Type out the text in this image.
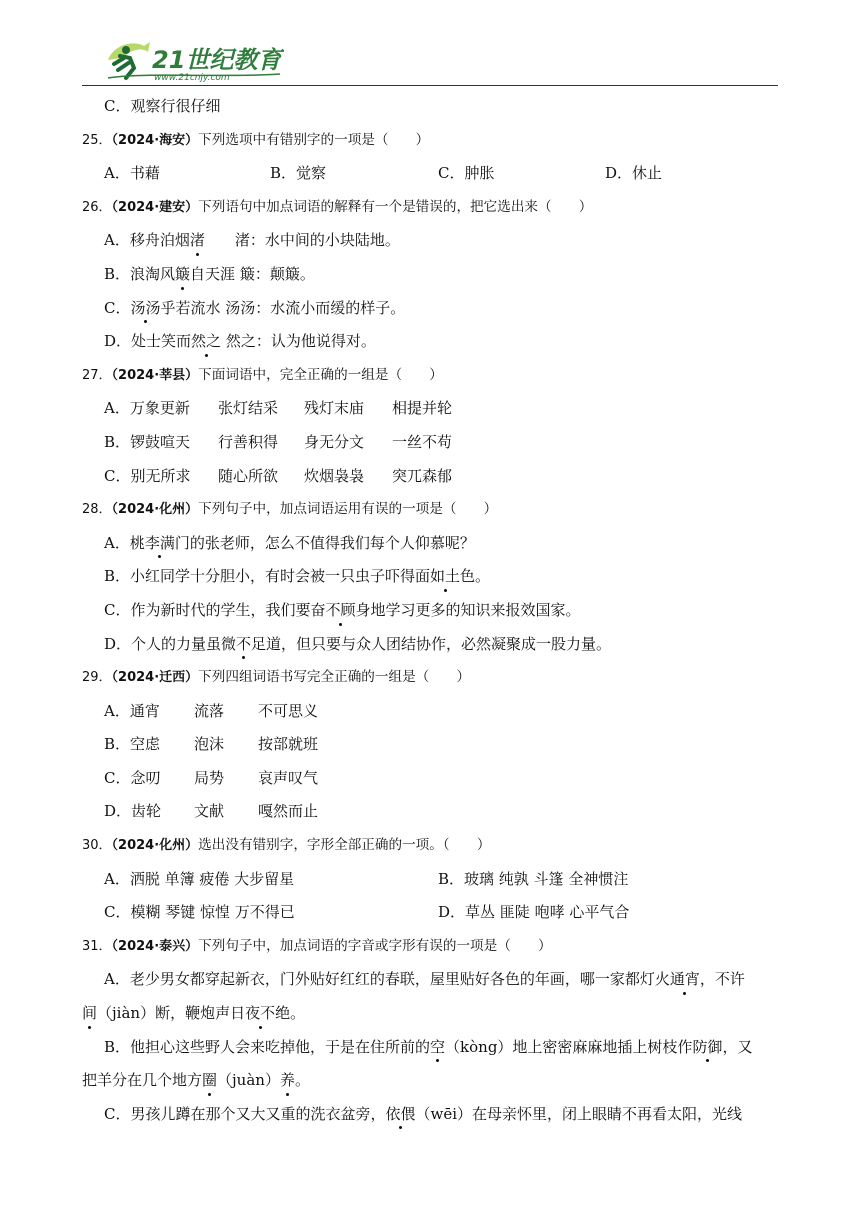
21世纪教育
www.21cnjy.com
C．观察行很仔细
25．（2024·海安）下列选项中有错别字的一项是（　　）
A．书藉	B．觉察	C．肿胀	D．休止
26．（2024·建安）下列语句中加点词语的解释有一个是错误的，把它选出来（　　）
A．移舟泊烟渚　　渚：水中间的小块陆地。
B．浪淘风簸自天涯 簸：颠簸。
C．汤汤乎若流水 汤汤：水流小而缓的样子。
D．处士笑而然之 然之：认为他说得对。
27．（2024·莘县）下面词语中，完全正确的一组是（　　）
A．万象更新 张灯结采 残灯末庙 相提并轮
B．锣鼓喧天 行善积得 身无分文 一丝不苟
C．别无所求 随心所欲 炊烟袅袅 突兀森郁
28．（2024·化州）下列句子中，加点词语运用有误的一项是（　　）
A．桃李满门的张老师，怎么不值得我们每个人仰慕呢？
B．小红同学十分胆小，有时会被一只虫子吓得面如土色。
C．作为新时代的学生，我们要奋不顾身地学习更多的知识来报效国家。
D．个人的力量虽微不足道，但只要与众人团结协作，必然凝聚成一股力量。
29．（2024·迁西）下列四组词语书写完全正确的一组是（　　）
A．通宵 流落 不可思义
B．空虑 泡沫 按部就班
C．念叨 局势 哀声叹气
D．齿轮 文献 嘎然而止
30．（2024·化州）选出没有错别字，字形全部正确的一项。（　　）
A．洒脱 单簿 疲倦 大步留星	B．玻璃 纯孰 斗篷 全神惯注
C．模糊 琴键 惊惶 万不得已	D．草丛 匪陡 咆哮 心平气合
31．（2024·泰兴）下列句子中，加点词语的字音或字形有误的一项是（　　）
A．老少男女都穿起新衣，门外贴好红红的春联，屋里贴好各色的年画，哪一家都灯火通宵，不许
间（jiàn）断，鞭炮声日夜不绝。
B．他担心这些野人会来吃掉他，于是在住所前的空（kòng）地上密密麻麻地插上树枝作防御，又
把羊分在几个地方圈（juàn）养。
C．男孩儿蹲在那个又大又重的洗衣盆旁，依偎（wēi）在母亲怀里，闭上眼睛不再看太阳，光线
